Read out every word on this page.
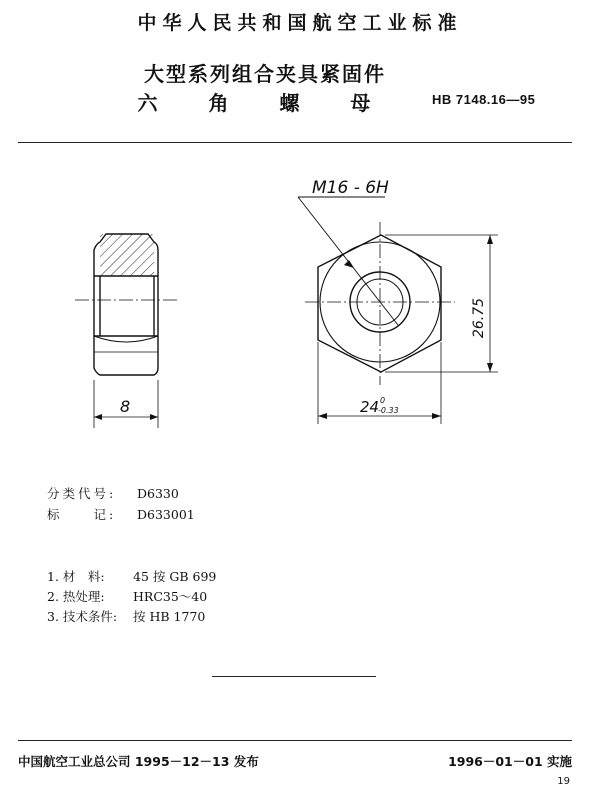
中华人民共和国航空工业标准
大型系列组合夹具紧固件
六 角 螺 母	HB 7148.16—95
8
M16 - 6H
26.75
24 0
-0.33
分类代号: D6330
标　　记: D633001
1. 材　料: 45 按 GB 699
2. 热处理: HRC35～40
3. 技术条件: 按 HB 1770
中国航空工业总公司 1995－12－13 发布	1996－01－01 实施
19
